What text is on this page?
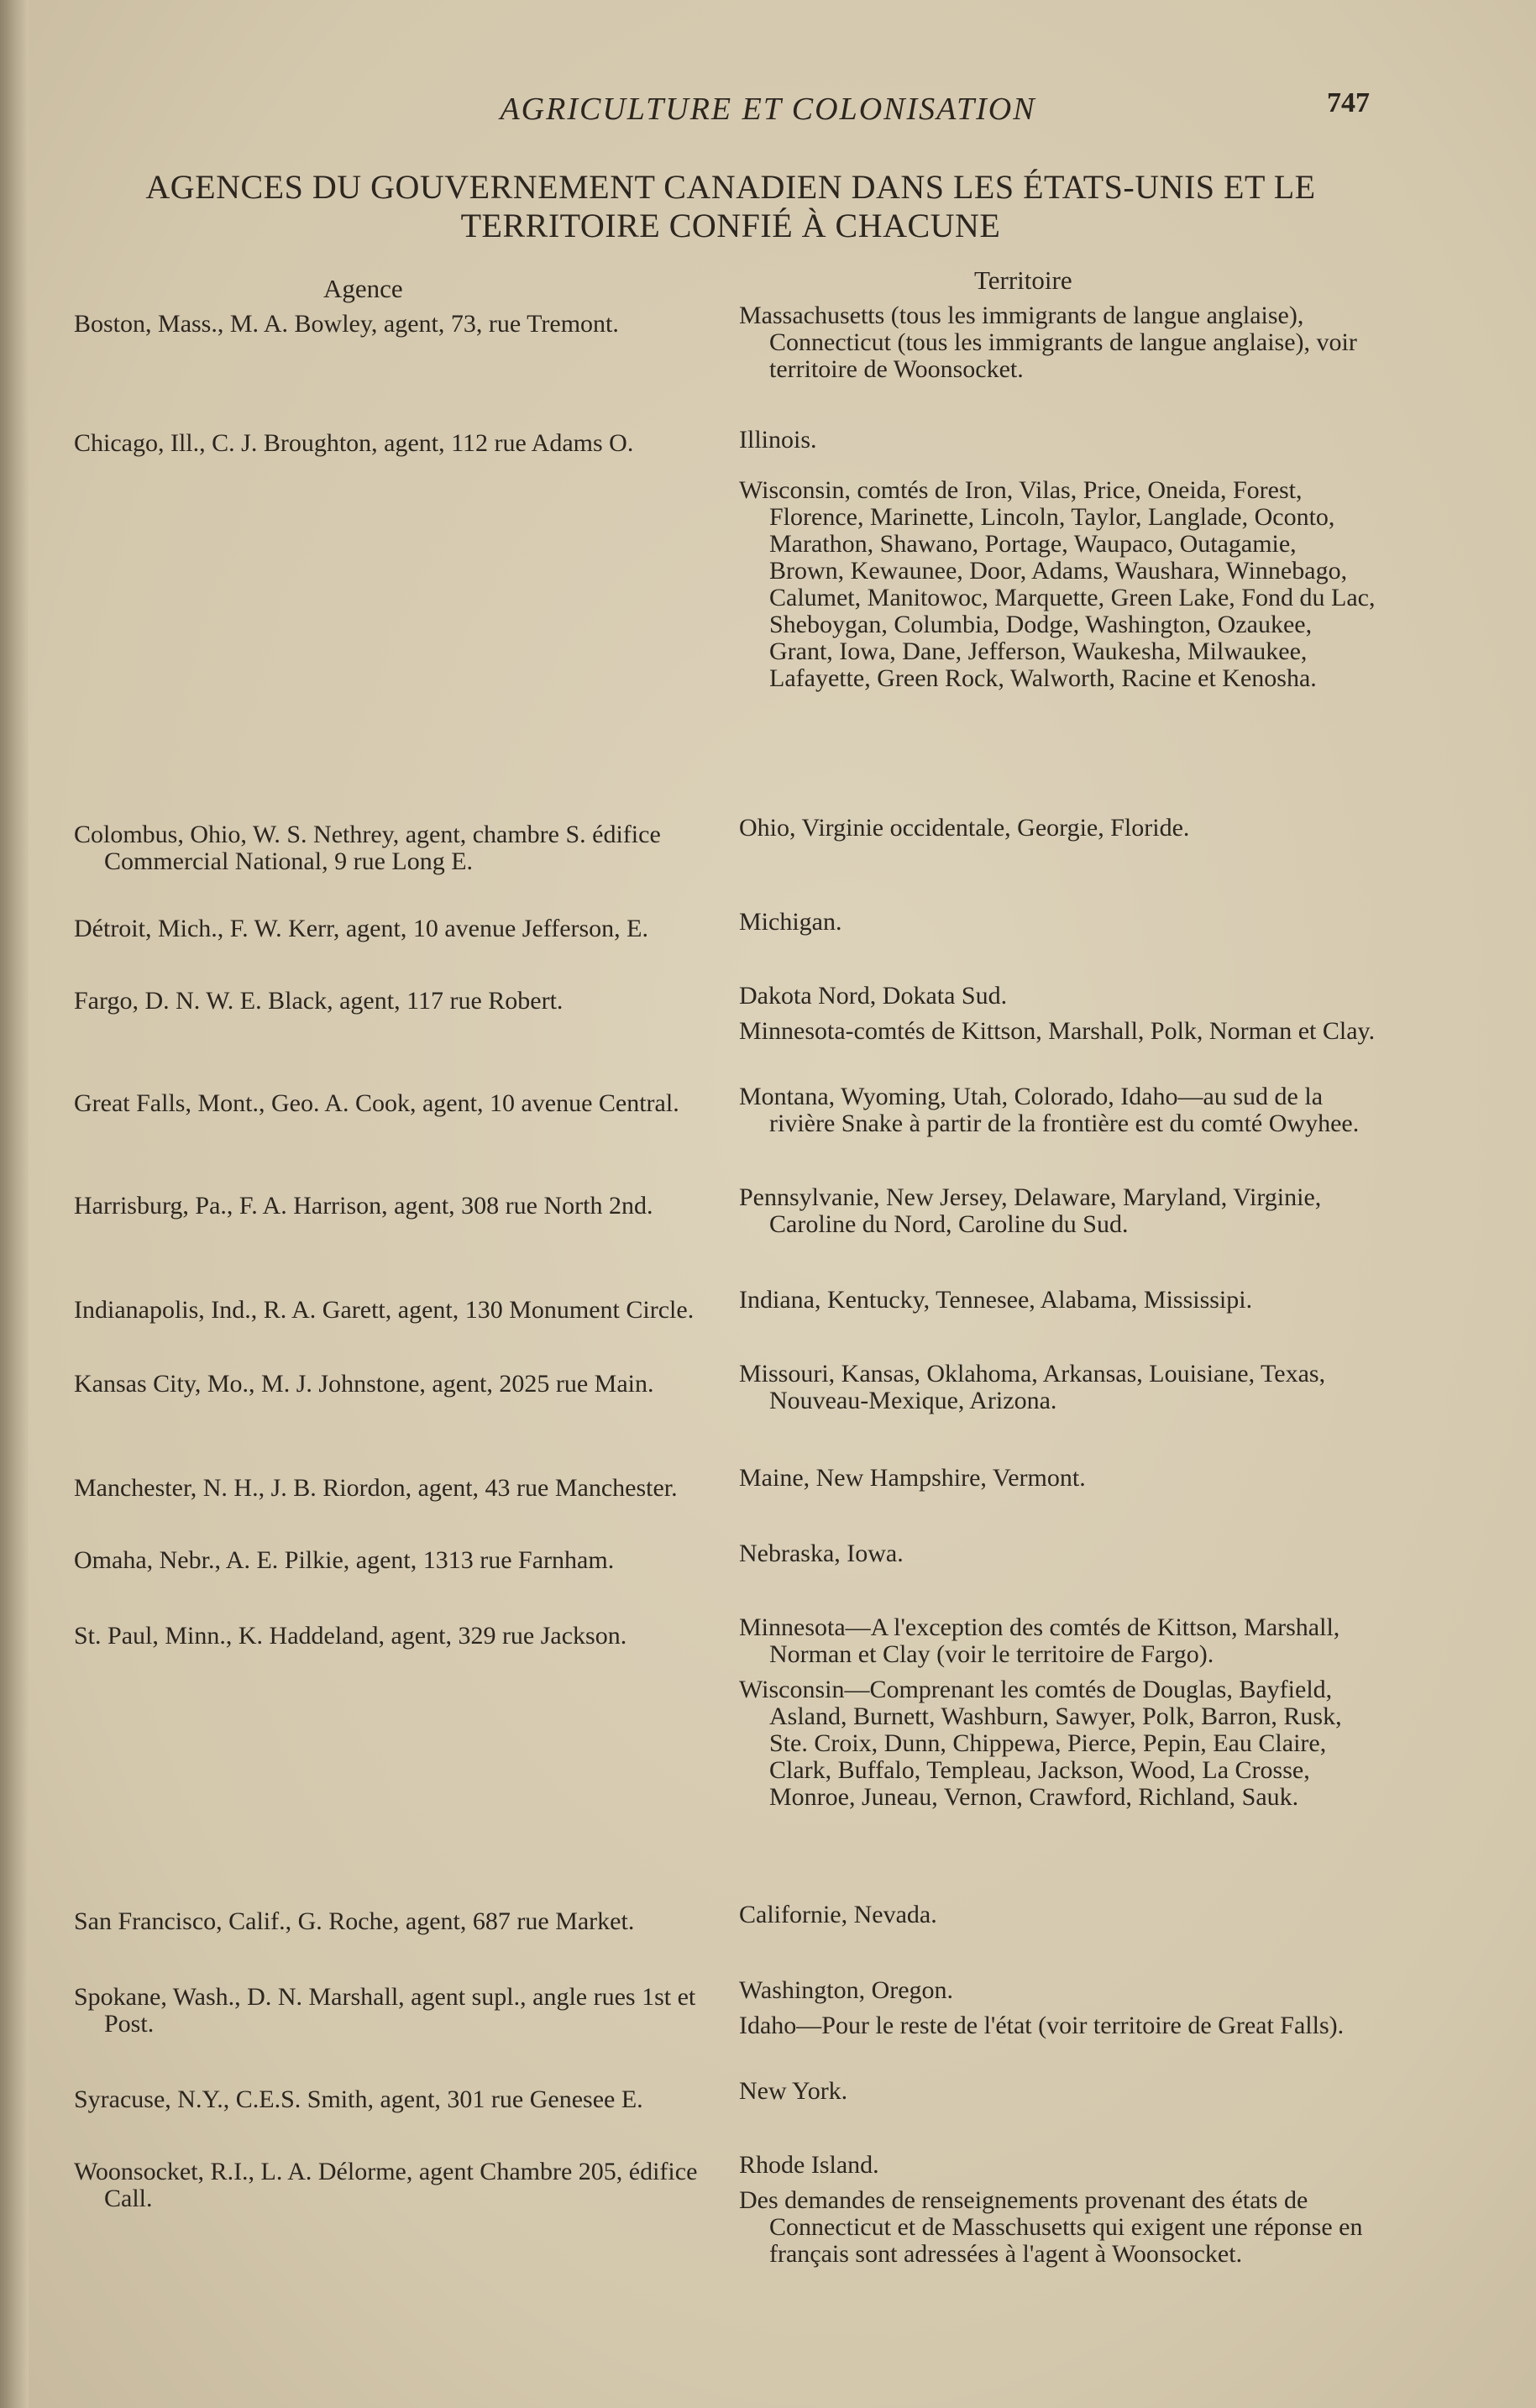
AGRICULTURE ET COLONISATION	747
AGENCES DU GOUVERNEMENT CANADIEN DANS LES ÉTATS-UNIS ET LE
TERRITOIRE CONFIÉ À CHACUNE
Agence	Territoire

Boston, Mass., M. A. Bowley, agent, 73, rue Tremont.

Chicago, Ill., C. J. Broughton, agent, 112 rue Adams O.

Colombus, Ohio, W. S. Nethrey, agent, chambre S. édifice Commercial National, 9 rue Long E.

Détroit, Mich., F. W. Kerr, agent, 10 avenue Jefferson, E.

Fargo, D. N. W. E. Black, agent, 117 rue Robert.

Great Falls, Mont., Geo. A. Cook, agent, 10 avenue Central.

Harrisburg, Pa., F. A. Harrison, agent, 308 rue North 2nd.

Indianapolis, Ind., R. A. Garett, agent, 130 Monument Circle.

Kansas City, Mo., M. J. Johnstone, agent, 2025 rue Main.

Manchester, N. H., J. B. Riordon, agent, 43 rue Manchester.

Omaha, Nebr., A. E. Pilkie, agent, 1313 rue Farnham.

St. Paul, Minn., K. Haddeland, agent, 329 rue Jackson.

San Francisco, Calif., G. Roche, agent, 687 rue Market.

Spokane, Wash., D. N. Marshall, agent supl., angle rues 1st et Post.

Syracuse, N.Y., C.E.S. Smith, agent, 301 rue Genesee E.

Woonsocket, R.I., L. A. Délorme, agent Chambre 205, édifice Call.

Massachusetts (tous les immigrants de langue anglaise), Connecticut (tous les immigrants de langue anglaise), voir territoire de Woonsocket.

Illinois.

Wisconsin, comtés de Iron, Vilas, Price, Oneida, Forest, Florence, Marinette, Lincoln, Taylor, Langlade, Oconto, Marathon, Shawano, Portage, Waupaco, Outagamie, Brown, Kewaunee, Door, Adams, Waushara, Winnebago, Calumet, Manitowoc, Marquette, Green Lake, Fond du Lac, Sheboygan, Columbia, Dodge, Washington, Ozaukee, Grant, Iowa, Dane, Jefferson, Waukesha, Milwaukee, Lafayette, Green Rock, Walworth, Racine et Kenosha.

Ohio, Virginie occidentale, Georgie, Floride.

Michigan.

Dakota Nord, Dokata Sud.

Minnesota-comtés de Kittson, Marshall, Polk, Norman et Clay.

Montana, Wyoming, Utah, Colorado, Idaho—au sud de la rivière Snake à partir de la frontière est du comté Owyhee.

Pennsylvanie, New Jersey, Delaware, Maryland, Virginie, Caroline du Nord, Caroline du Sud.

Indiana, Kentucky, Tennesee, Alabama, Mississipi.

Missouri, Kansas, Oklahoma, Arkansas, Louisiane, Texas, Nouveau-Mexique, Arizona.

Maine, New Hampshire, Vermont.

Nebraska, Iowa.

Minnesota—A l'exception des comtés de Kittson, Marshall, Norman et Clay (voir le territoire de Fargo).

Wisconsin—Comprenant les comtés de Douglas, Bayfield, Asland, Burnett, Washburn, Sawyer, Polk, Barron, Rusk, Ste. Croix, Dunn, Chippewa, Pierce, Pepin, Eau Claire, Clark, Buffalo, Templeau, Jackson, Wood, La Crosse, Monroe, Juneau, Vernon, Crawford, Richland, Sauk.

Californie, Nevada.

Washington, Oregon.

Idaho—Pour le reste de l'état (voir territoire de Great Falls).

New York.

Rhode Island.

Des demandes de renseignements provenant des états de Connecticut et de Masschusetts qui exigent une réponse en français sont adressées à l'agent à Woonsocket.
